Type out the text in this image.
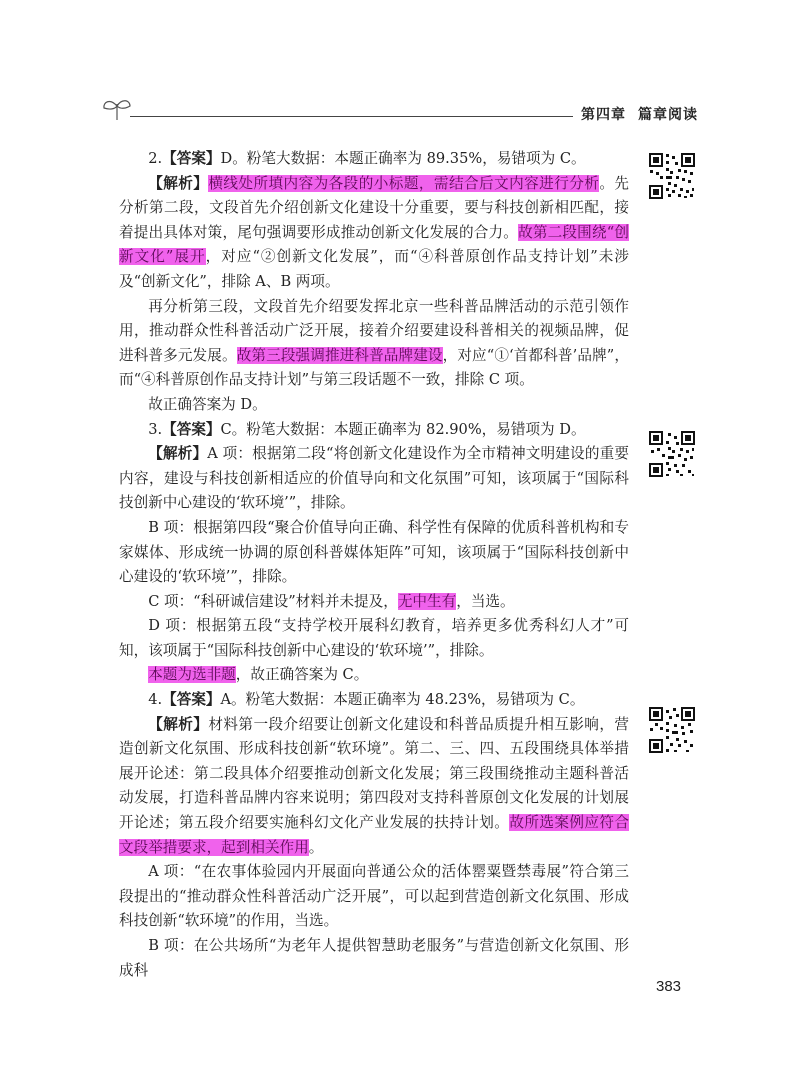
第四章 篇章阅读

2.【答案】D。粉笔大数据：本题正确率为 89.35%，易错项为 C。

【解析】横线处所填内容为各段的小标题，需结合后文内容进行分析。先分析第二段，文段首先介绍创新文化建设十分重要，要与科技创新相匹配，接着提出具体对策，尾句强调要形成推动创新文化发展的合力。故第二段围绕“创新文化”展开，对应“②创新文化发展”，而“④科普原创作品支持计划”未涉及“创新文化”，排除 A、B 两项。

再分析第三段，文段首先介绍要发挥北京一些科普品牌活动的示范引领作用，推动群众性科普活动广泛开展，接着介绍要建设科普相关的视频品牌，促进科普多元发展。故第三段强调推进科普品牌建设，对应“①‘首都科普’品牌”，而“④科普原创作品支持计划”与第三段话题不一致，排除 C 项。

故正确答案为 D。

3.【答案】C。粉笔大数据：本题正确率为 82.90%，易错项为 D。

【解析】A 项：根据第二段“将创新文化建设作为全市精神文明建设的重要内容，建设与科技创新相适应的价值导向和文化氛围”可知，该项属于“国际科技创新中心建设的‘软环境’”，排除。

B 项：根据第四段“聚合价值导向正确、科学性有保障的优质科普机构和专家媒体、形成统一协调的原创科普媒体矩阵”可知，该项属于“国际科技创新中心建设的‘软环境’”，排除。

C 项：“科研诚信建设”材料并未提及，无中生有，当选。

D 项：根据第五段“支持学校开展科幻教育，培养更多优秀科幻人才”可知，该项属于“国际科技创新中心建设的‘软环境’”，排除。

本题为选非题，故正确答案为 C。

4.【答案】A。粉笔大数据：本题正确率为 48.23%，易错项为 C。

【解析】材料第一段介绍要让创新文化建设和科普品质提升相互影响，营造创新文化氛围、形成科技创新“软环境”。第二、三、四、五段围绕具体举措展开论述：第二段具体介绍要推动创新文化发展；第三段围绕推动主题科普活动发展，打造科普品牌内容来说明；第四段对支持科普原创文化发展的计划展开论述；第五段介绍要实施科幻文化产业发展的扶持计划。故所选案例应符合文段举措要求，起到相关作用。

A 项：“在农事体验园内开展面向普通公众的活体罂粟暨禁毒展”符合第三段提出的“推动群众性科普活动广泛开展”，可以起到营造创新文化氛围、形成科技创新“软环境”的作用，当选。

B 项：在公共场所“为老年人提供智慧助老服务”与营造创新文化氛围、形成科

383
